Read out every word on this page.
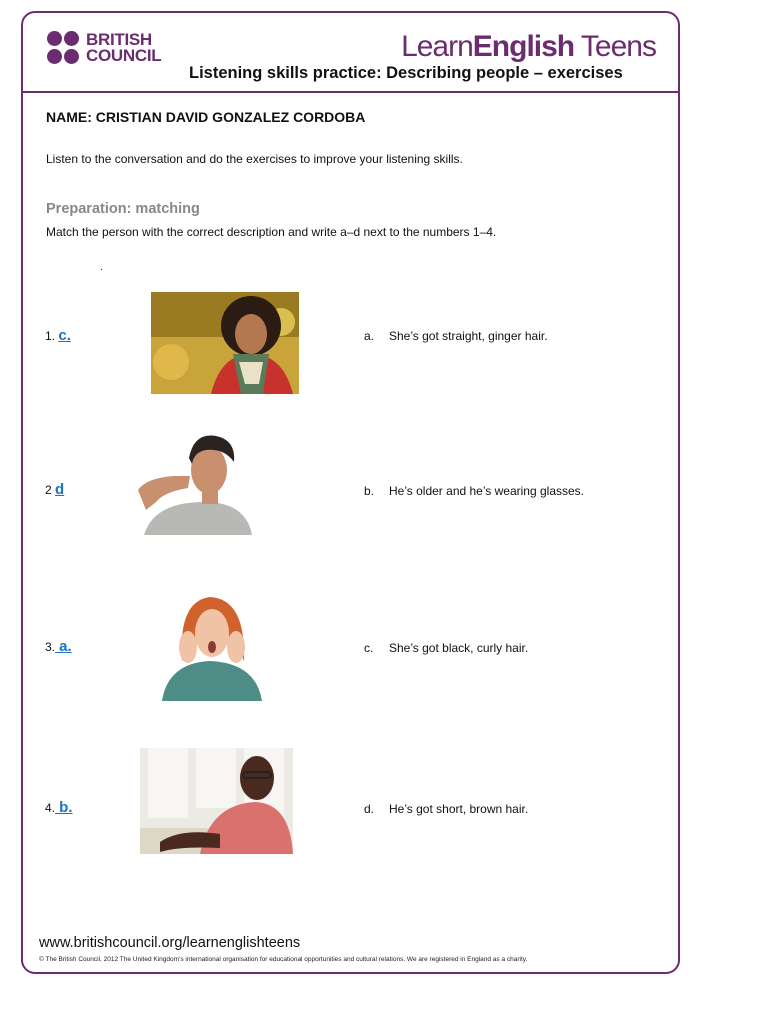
BRITISH
COUNCIL	LearnEnglish Teens
Listening skills practice: Describing people – exercises
NAME: CRISTIAN DAVID GONZALEZ CORDOBA
Listen to the conversation and do the exercises to improve your listening skills.
Preparation: matching
Match the person with the correct description and write a–d next to the numbers 1–4.
.
1. c.	a. She’s got straight, ginger hair.
2 d	b. He’s older and he’s wearing glasses.
3. a.	c. She’s got black, curly hair.
4. b.	d. He’s got short, brown hair.
www.britishcouncil.org/learnenglishteens
© The British Council, 2012 The United Kingdom’s international organisation for educational opportunities and cultural relations. We are registered in England as a charity.
